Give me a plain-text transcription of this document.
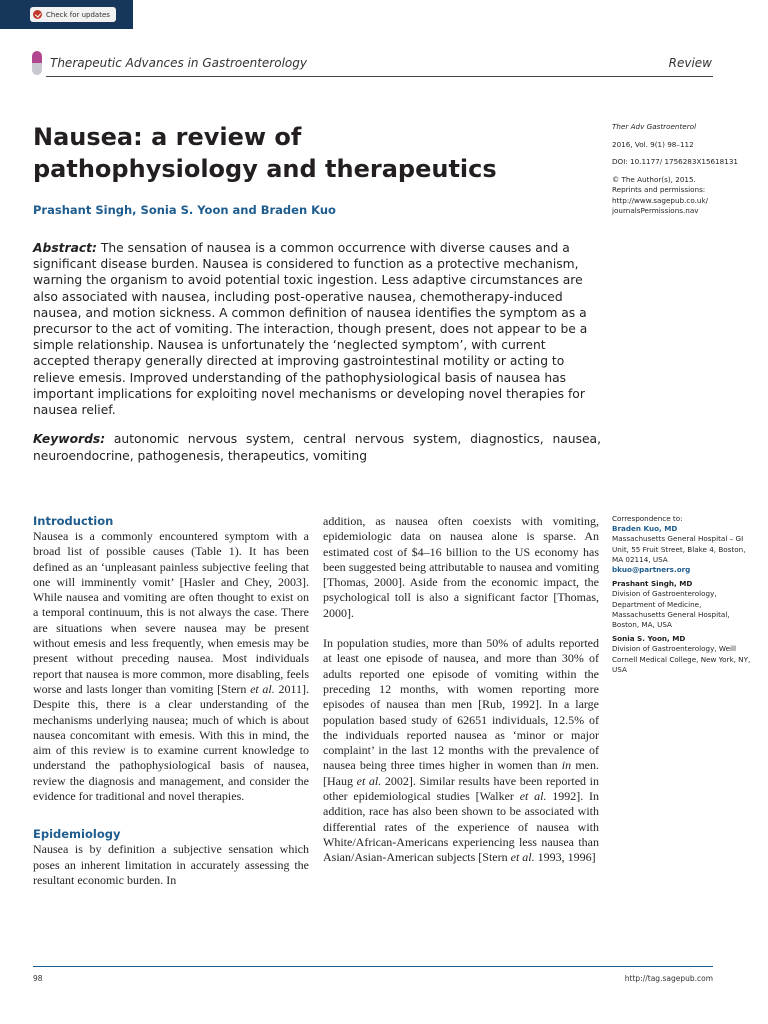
Check for updates
Therapeutic Advances in Gastroenterology	Review
Nausea: a review of pathophysiology and therapeutics
Prashant Singh, Sonia S. Yoon and Braden Kuo
Ther Adv Gastroenterol
2016, Vol. 9(1) 98–112
DOI: 10.1177/ 1756283X15618131
© The Author(s), 2015.
Reprints and permissions: http://www.sagepub.co.uk/ journalsPermissions.nav
Abstract: The sensation of nausea is a common occurrence with diverse causes and a significant disease burden. Nausea is considered to function as a protective mechanism, warning the organism to avoid potential toxic ingestion. Less adaptive circumstances are also associated with nausea, including post-operative nausea, chemotherapy-induced nausea, and motion sickness. A common definition of nausea identifies the symptom as a precursor to the act of vomiting. The interaction, though present, does not appear to be a simple relationship. Nausea is unfortunately the ‘neglected symptom’, with current accepted therapy generally directed at improving gastrointestinal motility or acting to relieve emesis. Improved understanding of the pathophysiological basis of nausea has important implications for exploiting novel mechanisms or developing novel therapies for nausea relief.
Keywords: autonomic nervous system, central nervous system, diagnostics, nausea, neuroendocrine, pathogenesis, therapeutics, vomiting
Introduction

Nausea is a commonly encountered symptom with a broad list of possible causes (Table 1). It has been defined as an ‘unpleasant painless subjective feeling that one will imminently vomit’ [Hasler and Chey, 2003]. While nausea and vomiting are often thought to exist on a temporal continuum, this is not always the case. There are situations when severe nausea may be present without emesis and less frequently, when emesis may be present without preceding nausea. Most individuals report that nausea is more common, more disabling, feels worse and lasts longer than vomiting [Stern et al. 2011]. Despite this, there is a clear understanding of the mechanisms underlying nausea; much of which is about nausea concomitant with emesis. With this in mind, the aim of this review is to examine current knowledge to understand the pathophysiological basis of nausea, review the diagnosis and management, and consider the evidence for traditional and novel therapies.

Epidemiology

Nausea is by definition a subjective sensation which poses an inherent limitation in accurately assessing the resultant economic burden. In

addition, as nausea often coexists with vomiting, epidemiologic data on nausea alone is sparse. An estimated cost of $4–16 billion to the US economy has been suggested being attributable to nausea and vomiting [Thomas, 2000]. Aside from the economic impact, the psychological toll is also a significant factor [Thomas, 2000].

In population studies, more than 50% of adults reported at least one episode of nausea, and more than 30% of adults reported one episode of vomiting within the preceding 12 months, with women reporting more episodes of nausea than men [Rub, 1992]. In a large population based study of 62651 individuals, 12.5% of the individuals reported nausea as ‘minor or major complaint’ in the last 12 months with the prevalence of nausea being three times higher in women than in men. [Haug et al. 2002]. Similar results have been reported in other epidemiological studies [Walker et al. 1992]. In addition, race has also been shown to be associated with differential rates of the experience of nausea with White/African-Americans experiencing less nausea than Asian/Asian-American subjects [Stern et al. 1993, 1996]

Correspondence to:
Braden Kuo, MD
Massachusetts General Hospital – GI Unit, 55 Fruit Street, Blake 4, Boston, MA 02114, USA
bkuo@partners.org
Prashant Singh, MD
Division of Gastroenterology, Department of Medicine, Massachusetts General Hospital, Boston, MA, USA
Sonia S. Yoon, MD
Division of Gastroenterology, Weill Cornell Medical College, New York, NY, USA
98	http://tag.sagepub.com
